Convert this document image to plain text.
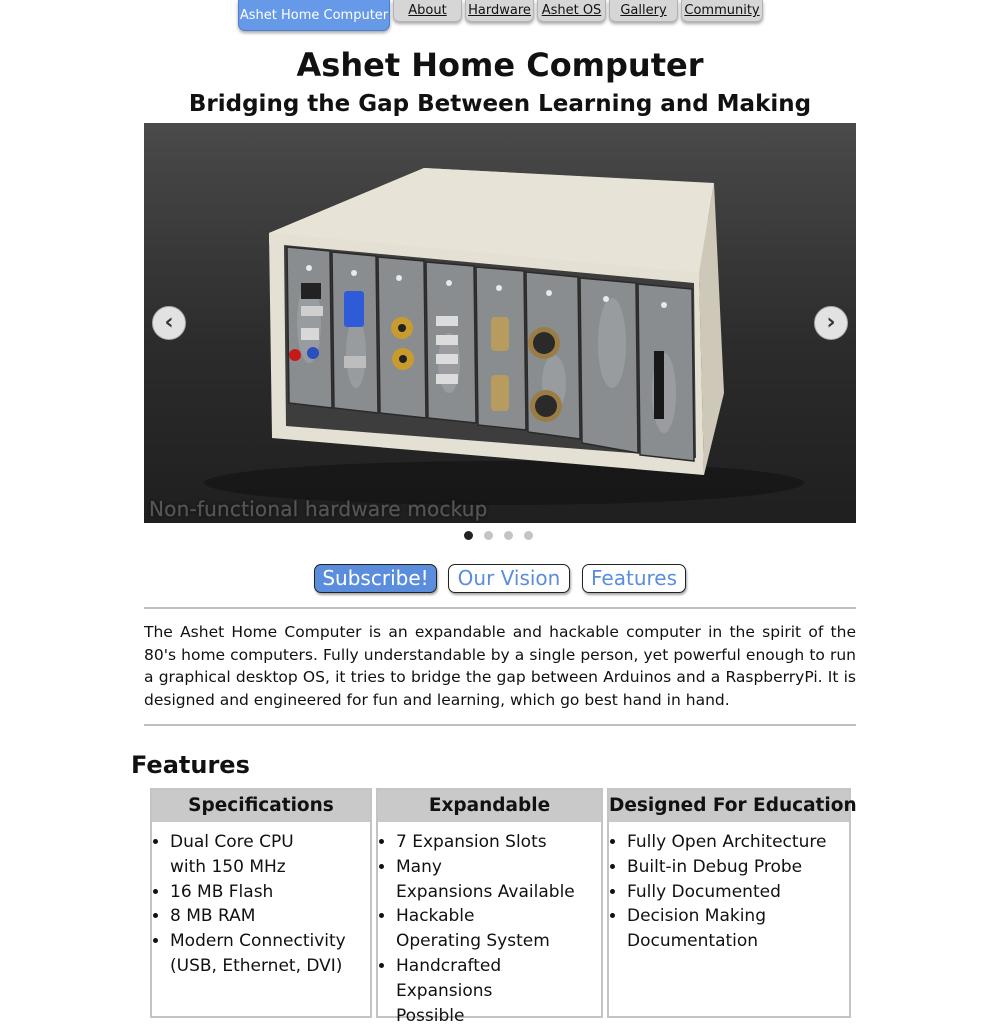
Ashet Home Computer	About	Hardware Ashet OS	Gallery	Community
Ashet Home Computer
Bridging the Gap Between Learning and Making
Non-functional hardware mockup
‹	›
Subscribe!	Our Vision	Features

The Ashet Home Computer is an expandable and hackable computer in the spirit of the 80's home computers. Fully understandable by a single person, yet powerful enough to run a graphical desktop OS, it tries to bridge the gap between Arduinos and a RaspberryPi. It is designed and engineered for fun and learning, which go best hand in hand.

Features
Specifications
• Dual Core CPU
with 150 MHz
• 16 MB Flash
• 8 MB RAM
• Modern Connectivity
(USB, Ethernet, DVI)
Expandable
• 7 Expansion Slots
• Many
Expansions Available
• Hackable
Operating System
• Handcrafted Expansions
Possible
Designed For Education
• Fully Open Architecture
• Built-in Debug Probe
• Fully Documented
• Decision Making
Documentation
